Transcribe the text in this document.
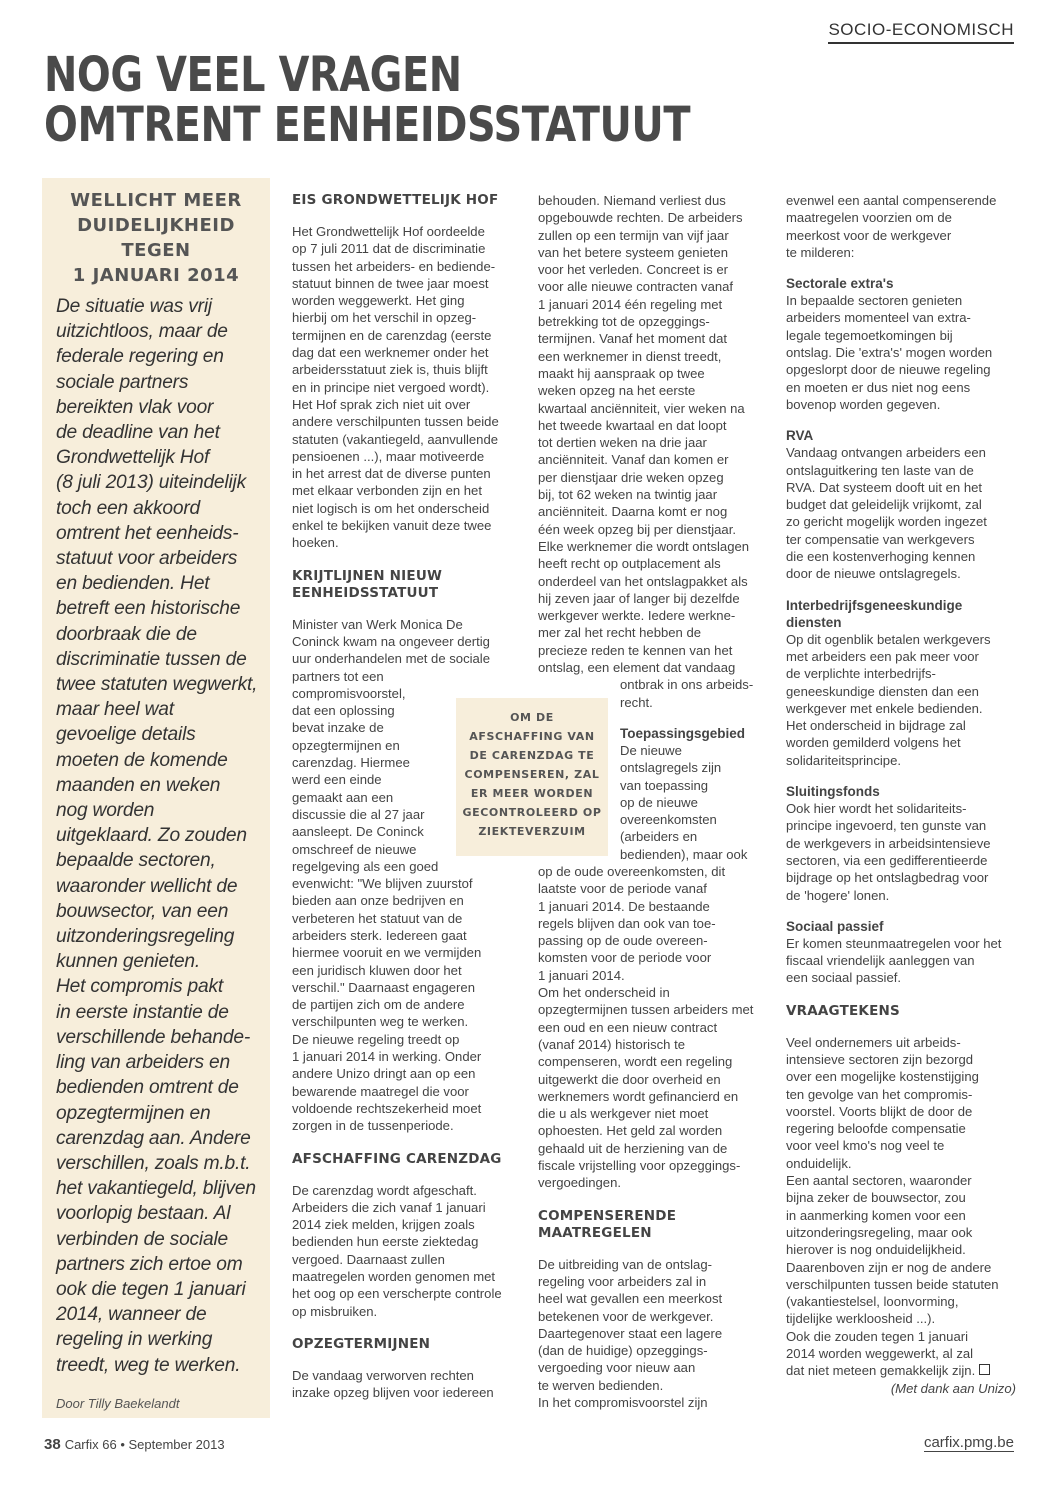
SOCIO-ECONOMISCH
NOG VEEL VRAGEN
OMTRENT EENHEIDSSTATUUT
WELLICHT MEER
DUIDELIJKHEID
TEGEN
1 JANUARI 2014
De situatie was vrij
uitzichtloos, maar de
federale regering en
sociale partners
bereikten vlak voor
de deadline van het
Grondwettelijk Hof
(8 juli 2013) uiteindelijk
toch een akkoord
omtrent het eenheids-
statuut voor arbeiders
en bedienden. Het
betreft een historische
doorbraak die de
discriminatie tussen de
twee statuten wegwerkt,
maar heel wat
gevoelige details
moeten de komende
maanden en weken
nog worden
uitgeklaard. Zo zouden
bepaalde sectoren,
waaronder wellicht de
bouwsector, van een
uitzonderingsregeling
kunnen genieten.
Het compromis pakt
in eerste instantie de
verschillende behande-
ling van arbeiders en
bedienden omtrent de
opzegtermijnen en
carenzdag aan. Andere
verschillen, zoals m.b.t.
het vakantiegeld, blijven
voorlopig bestaan. Al
verbinden de sociale
partners zich ertoe om
ook die tegen 1 januari
2014, wanneer de
regeling in werking
treedt, weg te werken.
Door Tilly Baekelandt
EIS GRONDWETTELIJK HOF
Het Grondwettelijk Hof oordeelde
op 7 juli 2011 dat de discriminatie
tussen het arbeiders- en bediende-
statuut binnen de twee jaar moest
worden weggewerkt. Het ging
hierbij om het verschil in opzeg-
termijnen en de carenzdag (eerste
dag dat een werknemer onder het
arbeidersstatuut ziek is, thuis blijft
en in principe niet vergoed wordt).
Het Hof sprak zich niet uit over
andere verschilpunten tussen beide
statuten (vakantiegeld, aanvullende
pensioenen ...), maar motiveerde
in het arrest dat de diverse punten
met elkaar verbonden zijn en het
niet logisch is om het onderscheid
enkel te bekijken vanuit deze twee
hoeken.
KRIJTLIJNEN NIEUW
EENHEIDSSTATUUT
Minister van Werk Monica De
Coninck kwam na ongeveer dertig
uur onderhandelen met de sociale
partners tot een
compromisvoorstel,
dat een oplossing
bevat inzake de
opzegtermijnen en
carenzdag. Hiermee
werd een einde
gemaakt aan een
discussie die al 27 jaar
aansleept. De Coninck
omschreef de nieuwe
regelgeving als een goed
evenwicht: "We blijven zuurstof
bieden aan onze bedrijven en
verbeteren het statuut van de
arbeiders sterk. Iedereen gaat
hiermee vooruit en we vermijden
een juridisch kluwen door het
verschil." Daarnaast engageren
de partijen zich om de andere
verschilpunten weg te werken.
De nieuwe regeling treedt op
1 januari 2014 in werking. Onder
andere Unizo dringt aan op een
bewarende maatregel die voor
voldoende rechtszekerheid moet
zorgen in de tussenperiode.
AFSCHAFFING CARENZDAG
De carenzdag wordt afgeschaft.
Arbeiders die zich vanaf 1 januari
2014 ziek melden, krijgen zoals
bedienden hun eerste ziektedag
vergoed. Daarnaast zullen
maatregelen worden genomen met
het oog op een verscherpte controle
op misbruiken.
OPZEGTERMIJNEN
De vandaag verworven rechten
inzake opzeg blijven voor iedereen
OM DE
AFSCHAFFING VAN
DE CARENZDAG TE
COMPENSEREN, ZAL
ER MEER WORDEN
GECONTROLEERD OP
ZIEKTEVERZUIM
behouden. Niemand verliest dus
opgebouwde rechten. De arbeiders
zullen op een termijn van vijf jaar
van het betere systeem genieten
voor het verleden. Concreet is er
voor alle nieuwe contracten vanaf
1 januari 2014 één regeling met
betrekking tot de opzeggings-
termijnen. Vanaf het moment dat
een werknemer in dienst treedt,
maakt hij aanspraak op twee
weken opzeg na het eerste
kwartaal anciënniteit, vier weken na
het tweede kwartaal en dat loopt
tot dertien weken na drie jaar
anciënniteit. Vanaf dan komen er
per dienstjaar drie weken opzeg
bij, tot 62 weken na twintig jaar
anciënniteit. Daarna komt er nog
één week opzeg bij per dienstjaar.
Elke werknemer die wordt ontslagen
heeft recht op outplacement als
onderdeel van het ontslagpakket als
hij zeven jaar of langer bij dezelfde
werkgever werkte. Iedere werkne-
mer zal het recht hebben de
precieze reden te kennen van het
ontslag, een element dat vandaag
ontbrak in ons arbeids-
recht.
Toepassingsgebied
De nieuwe
ontslagregels zijn
van toepassing
op de nieuwe
overeenkomsten
(arbeiders en
bedienden), maar ook
op de oude overeenkomsten, dit
laatste voor de periode vanaf
1 januari 2014. De bestaande
regels blijven dan ook van toe-
passing op de oude overeen-
komsten voor de periode voor
1 januari 2014.
Om het onderscheid in
opzegtermijnen tussen arbeiders met
een oud en een nieuw contract
(vanaf 2014) historisch te
compenseren, wordt een regeling
uitgewerkt die door overheid en
werknemers wordt gefinancierd en
die u als werkgever niet moet
ophoesten. Het geld zal worden
gehaald uit de herziening van de
fiscale vrijstelling voor opzeggings-
vergoedingen.
COMPENSERENDE
MAATREGELEN
De uitbreiding van de ontslag-
regeling voor arbeiders zal in
heel wat gevallen een meerkost
betekenen voor de werkgever.
Daartegenover staat een lagere
(dan de huidige) opzeggings-
vergoeding voor nieuw aan
te werven bedienden.
In het compromisvoorstel zijn
evenwel een aantal compenserende
maatregelen voorzien om de
meerkost voor de werkgever
te milderen:
Sectorale extra's
In bepaalde sectoren genieten
arbeiders momenteel van extra-
legale tegemoetkomingen bij
ontslag. Die 'extra's' mogen worden
opgeslorpt door de nieuwe regeling
en moeten er dus niet nog eens
bovenop worden gegeven.
RVA
Vandaag ontvangen arbeiders een
ontslaguitkering ten laste van de
RVA. Dat systeem dooft uit en het
budget dat geleidelijk vrijkomt, zal
zo gericht mogelijk worden ingezet
ter compensatie van werkgevers
die een kostenverhoging kennen
door de nieuwe ontslagregels.
Interbedrijfsgeneeskundige
diensten
Op dit ogenblik betalen werkgevers
met arbeiders een pak meer voor
de verplichte interbedrijfs-
geneeskundige diensten dan een
werkgever met enkele bedienden.
Het onderscheid in bijdrage zal
worden gemilderd volgens het
solidariteitsprincipe.
Sluitingsfonds
Ook hier wordt het solidariteits-
principe ingevoerd, ten gunste van
de werkgevers in arbeidsintensieve
sectoren, via een gedifferentieerde
bijdrage op het ontslagbedrag voor
de 'hogere' lonen.
Sociaal passief
Er komen steunmaatregelen voor het
fiscaal vriendelijk aanleggen van
een sociaal passief.
VRAAGTEKENS
Veel ondernemers uit arbeids-
intensieve sectoren zijn bezorgd
over een mogelijke kostenstijging
ten gevolge van het compromis-
voorstel. Voorts blijkt de door de
regering beloofde compensatie
voor veel kmo's nog veel te
onduidelijk.
Een aantal sectoren, waaronder
bijna zeker de bouwsector, zou
in aanmerking komen voor een
uitzonderingsregeling, maar ook
hierover is nog onduidelijkheid.
Daarenboven zijn er nog de andere
verschilpunten tussen beide statuten
(vakantiestelsel, loonvorming,
tijdelijke werkloosheid ...).
Ook die zouden tegen 1 januari
2014 worden weggewerkt, al zal
dat niet meteen gemakkelijk zijn.
(Met dank aan Unizo)
38 Carfix 66 • September 2013	carfix.pmg.be
